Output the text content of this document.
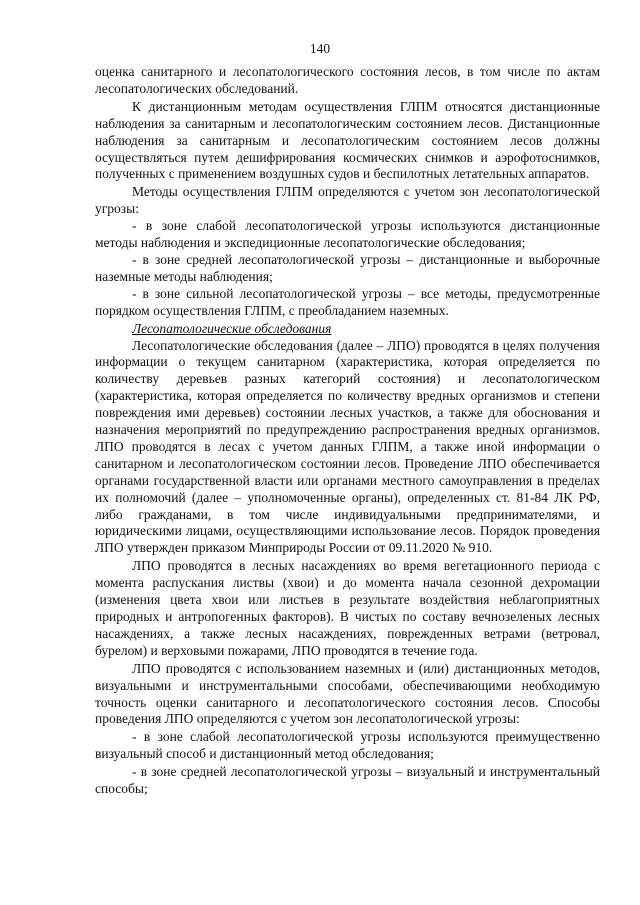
140

оценка санитарного и лесопатологического состояния лесов, в том числе по актам лесопатологических обследований.

К дистанционным методам осуществления ГЛПМ относятся дистанционные наблюдения за санитарным и лесопатологическим состоянием лесов. Дистанционные наблюдения за санитарным и лесопатологическим состоянием лесов должны осуществляться путем дешифрирования космических снимков и аэрофотоснимков, полученных с применением воздушных судов и беспилотных летательных аппаратов.

Методы осуществления ГЛПМ определяются с учетом зон лесопатологической угрозы:

- в зоне слабой лесопатологической угрозы используются дистанционные методы наблюдения и экспедиционные лесопатологические обследования;

- в зоне средней лесопатологической угрозы – дистанционные и выборочные наземные методы наблюдения;

- в зоне сильной лесопатологической угрозы – все методы, предусмотренные порядком осуществления ГЛПМ, с преобладанием наземных.

Лесопатологические обследования

Лесопатологические обследования (далее – ЛПО) проводятся в целях получения информации о текущем санитарном (характеристика, которая определяется по количеству деревьев разных категорий состояния) и лесопатологическом (характеристика, которая определяется по количеству вредных организмов и степени повреждения ими деревьев) состоянии лесных участков, а также для обоснования и назначения мероприятий по предупреждению распространения вредных организмов. ЛПО проводятся в лесах с учетом данных ГЛПМ, а также иной информации о санитарном и лесопатологическом состоянии лесов. Проведение ЛПО обеспечивается органами государственной власти или органами местного самоуправления в пределах их полномочий (далее – уполномоченные органы), определенных ст. 81-84 ЛК РФ, либо гражданами, в том числе индивидуальными предпринимателями, и юридическими лицами, осуществляющими использование лесов. Порядок проведения ЛПО утвержден приказом Минприроды России от 09.11.2020 № 910.

ЛПО проводятся в лесных насаждениях во время вегетационного периода с момента распускания листвы (хвои) и до момента начала сезонной дехромации (изменения цвета хвои или листьев в результате воздействия неблагоприятных природных и антропогенных факторов). В чистых по составу вечнозеленых лесных насаждениях, а также лесных насаждениях, поврежденных ветрами (ветровал, бурелом) и верховыми пожарами, ЛПО проводятся в течение года.

ЛПО проводятся с использованием наземных и (или) дистанционных методов, визуальными и инструментальными способами, обеспечивающими необходимую точность оценки санитарного и лесопатологического состояния лесов. Способы проведения ЛПО определяются с учетом зон лесопатологической угрозы:

- в зоне слабой лесопатологической угрозы используются преимущественно визуальный способ и дистанционный метод обследования;

- в зоне средней лесопатологической угрозы – визуальный и инструментальный способы;
